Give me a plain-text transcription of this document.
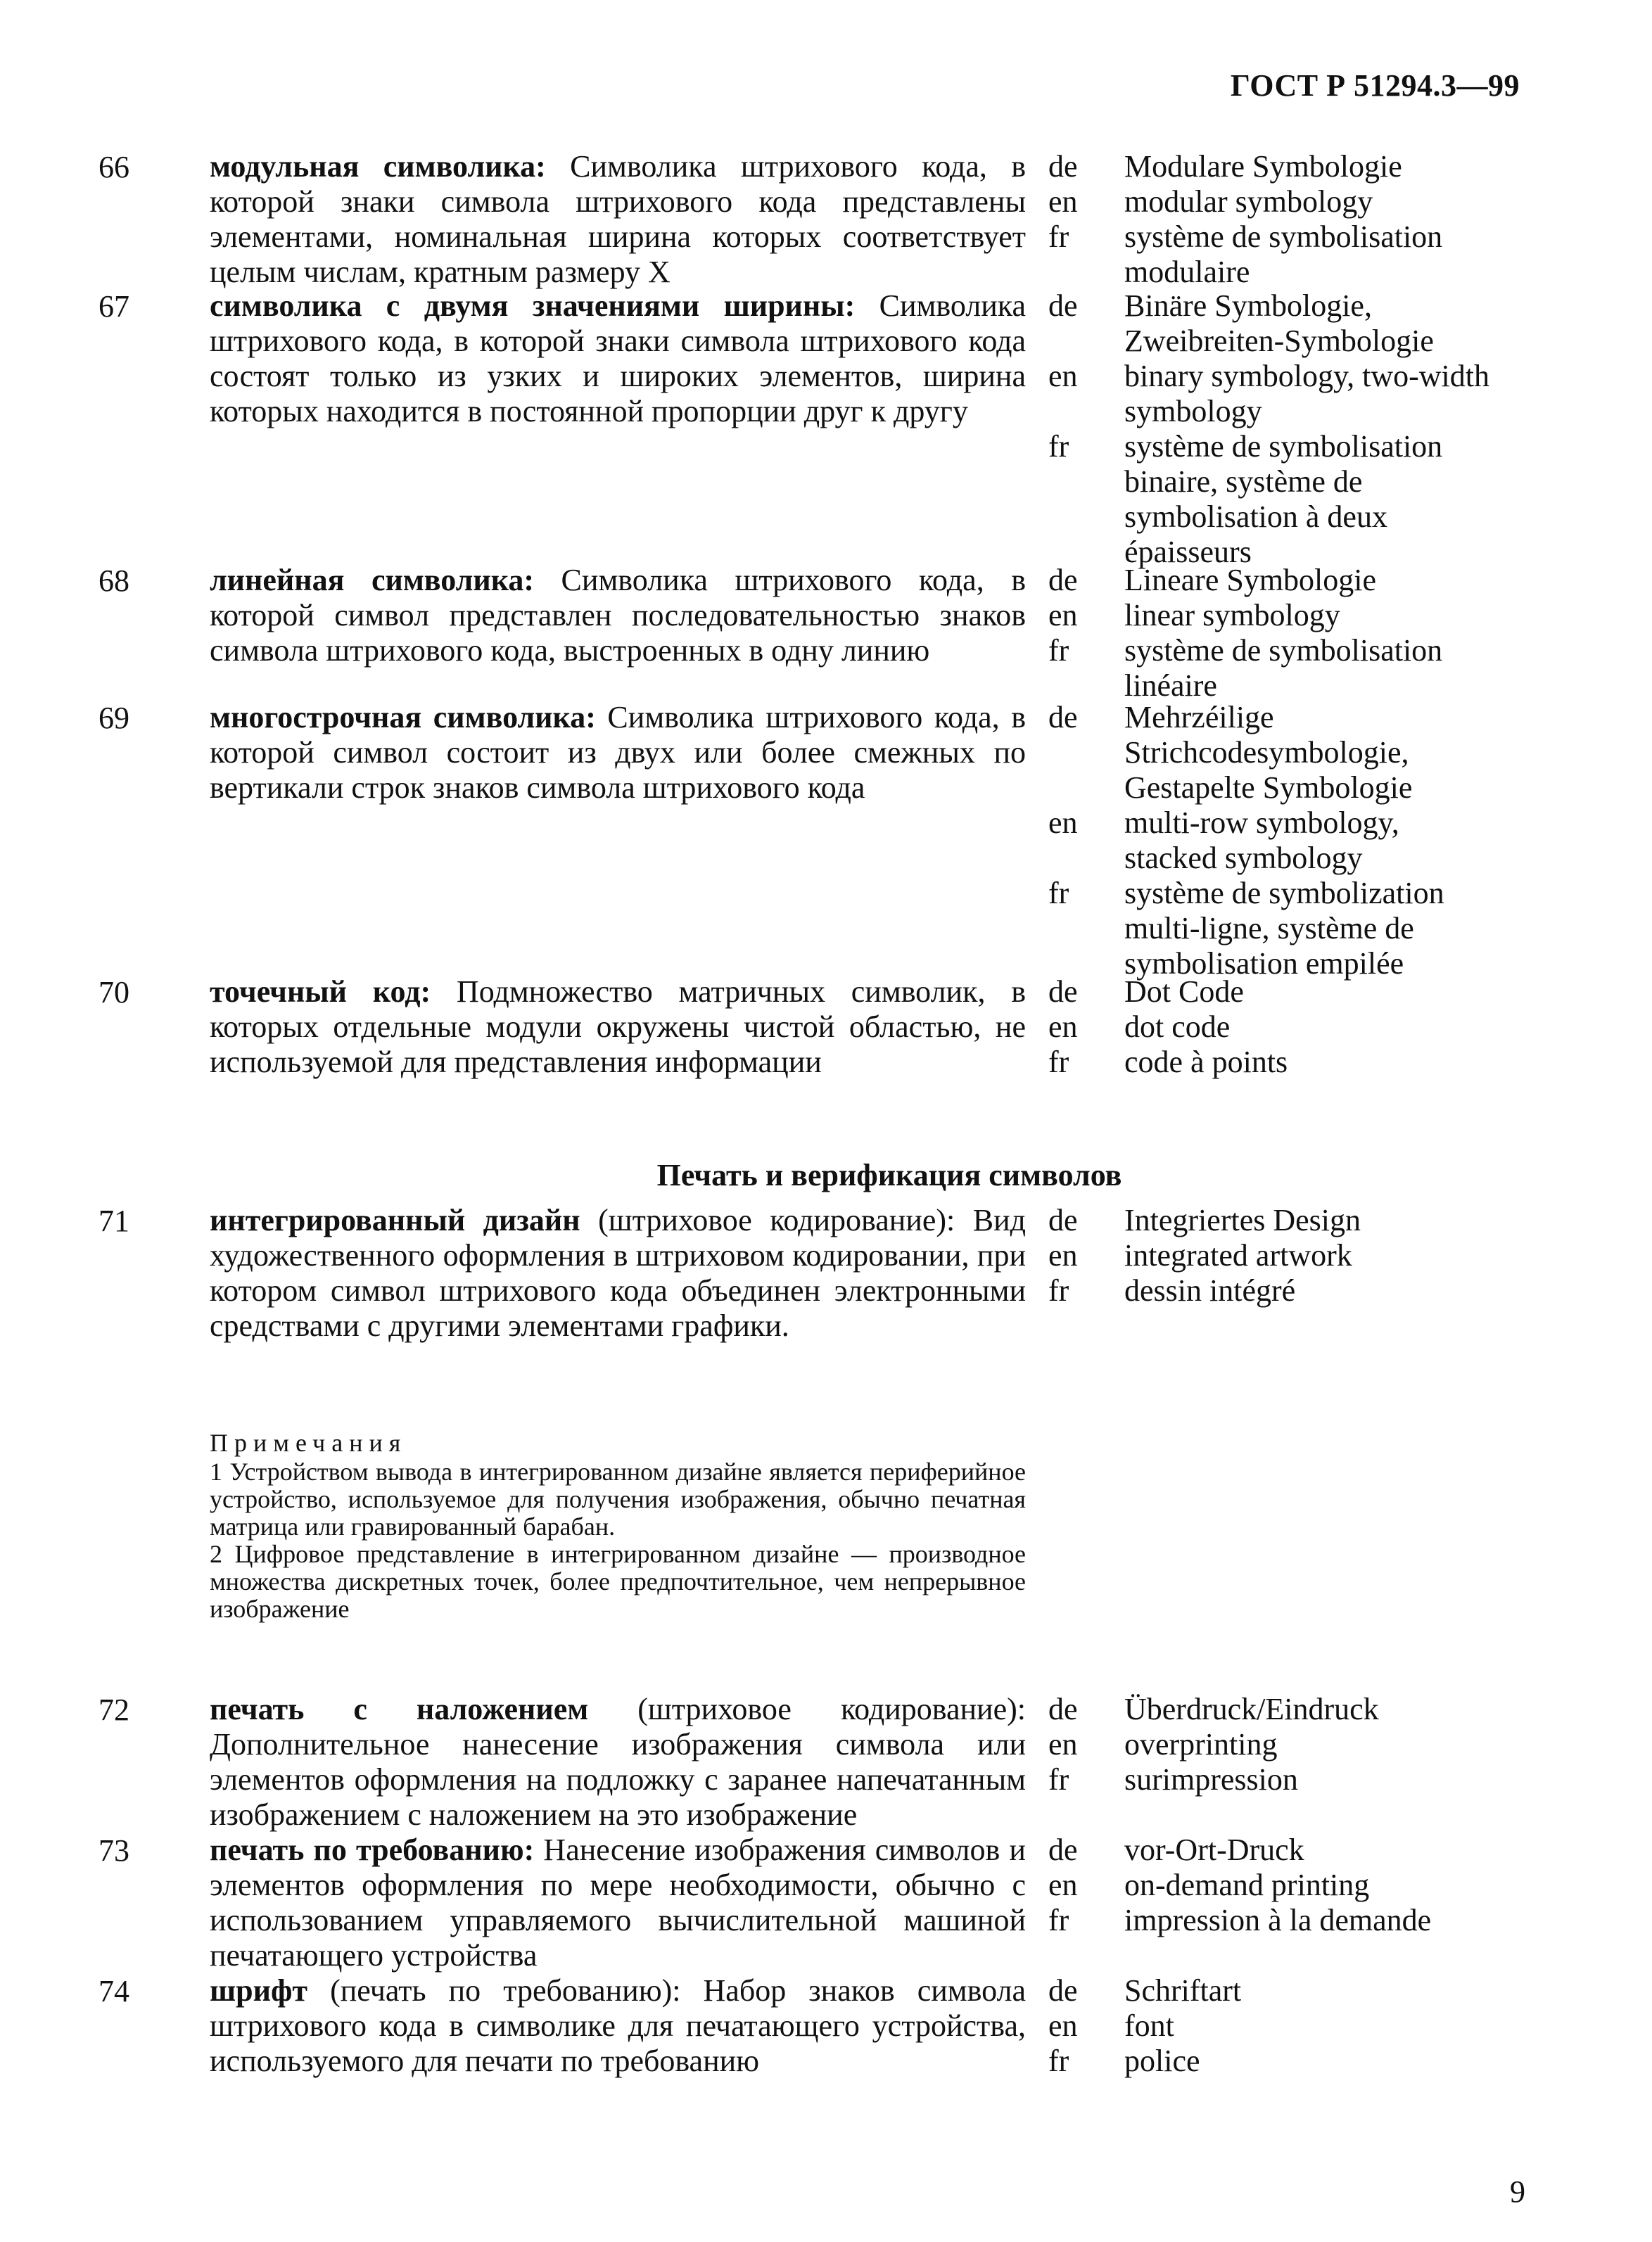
ГОСТ Р 51294.3—99
66	модульная символика: Символика штрихового кода, в которой знаки символа штрихового кода представлены элементами, номинальная ширина которых соответствует целым числам, кратным размеру X
de Modulare Symbologie
en modular symbology
fr système de symbolisation
modulaire
67	символика с двумя значениями ширины: Символика штрихового кода, в которой знаки символа штрихового кода состоят только из узких и широких элементов, ширина которых находится в постоянной пропорции друг к другу
de Binäre Symbologie,
Zweibreiten-Symbologie
en binary symbology, two-width
symbology
fr système de symbolisation
binaire, système de
symbolisation à deux
épaisseurs
68	линейная символика: Символика штрихового кода, в которой символ представлен последовательностью знаков символа штрихового кода, выстроенных в одну линию
de Lineare Symbologie
en linear symbology
fr système de symbolisation
linéaire
69	многострочная символика: Символика штрихового кода, в которой символ состоит из двух или более смежных по вертикали строк знаков символа штрихового кода
de Mehrzéilige
Strichcodesymbologie,
Gestapelte Symbologie
en multi-row symbology,
stacked symbology
fr système de symbolization
multi-ligne, système de
symbolisation empilée
70	точечный код: Подмножество матричных символик, в которых отдельные модули окружены чистой областью, не используемой для представления информации
de Dot Code
en dot code
fr code à points
71	интегрированный дизайн (штриховое кодирование): Вид художественного оформления в штриховом кодировании, при котором символ штрихового кода объединен электронными средствами с другими элементами графики.
de Integriertes Design
en integrated artwork
fr dessin intégré
72	печать с наложением (штриховое кодирование): Дополнительное нанесение изображения символа или элементов оформления на подложку с заранее напечатанным изображением с наложением на это изображение
de Überdruck/Eindruck
en overprinting
fr surimpression
73	печать по требованию: Нанесение изображения символов и элементов оформления по мере необходимости, обычно с использованием управляемого вычислительной машиной печатающего устройства
de vor-Ort-Druck
en on-demand printing
fr impression à la demande
74	шрифт (печать по требованию): Набор знаков символа штрихового кода в символике для печатающего устройства, используемого для печати по требованию
de Schriftart
en font
fr police
Печать и верификация символов
Примечания
1 Устройством вывода в интегрированном дизайне является периферийное устройство, используемое для получения изображения, обычно печатная матрица или гравированный барабан.
2 Цифровое представление в интегрированном дизайне — производное множества дискретных точек, более предпочтительное, чем непрерывное изображение
9
